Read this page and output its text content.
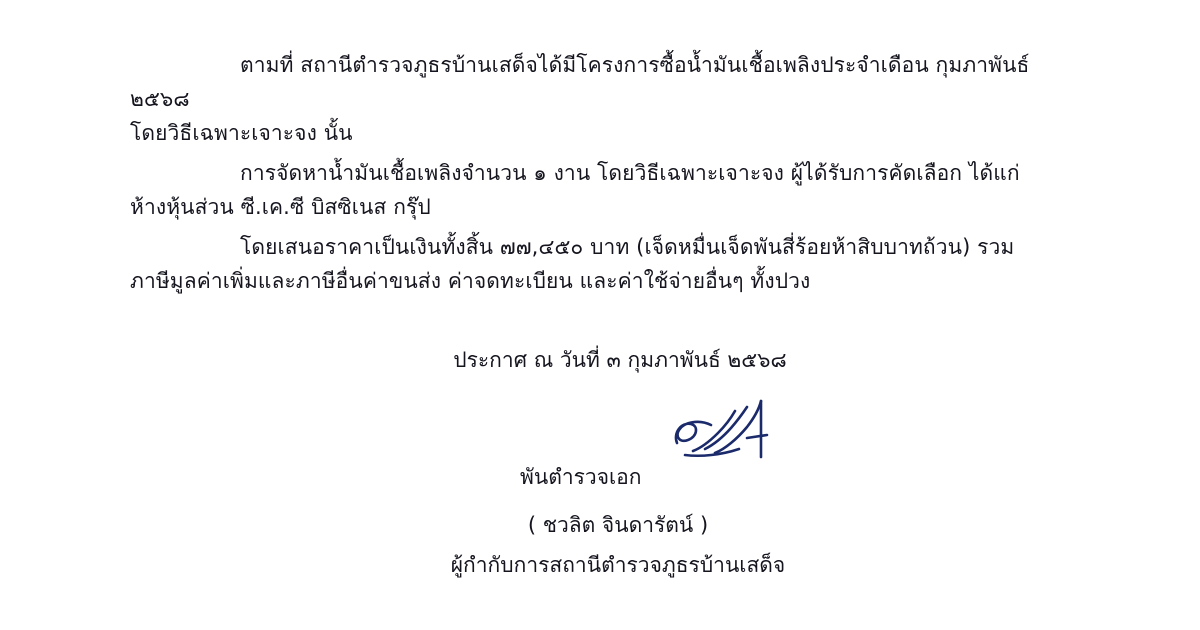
ตามที่ สถานีตำรวจภูธรบ้านเสด็จได้มีโครงการซื้อน้ำมันเชื้อเพลิงประจำเดือน กุมภาพันธ์ ๒๕๖๘
โดยวิธีเฉพาะเจาะจง นั้น

การจัดหาน้ำมันเชื้อเพลิงจำนวน ๑ งาน โดยวิธีเฉพาะเจาะจง ผู้ได้รับการคัดเลือก ได้แก่
ห้างหุ้นส่วน ซี.เค.ซี บิสซิเนส กรุ๊ป

โดยเสนอราคาเป็นเงินทั้งสิ้น ๗๗,๔๕๐ บาท (เจ็ดหมื่นเจ็ดพันสี่ร้อยห้าสิบบาทถ้วน) รวม
ภาษีมูลค่าเพิ่มและภาษีอื่นค่าขนส่ง ค่าจดทะเบียน และค่าใช้จ่ายอื่นๆ ทั้งปวง

ประกาศ ณ วันที่ ๓ กุมภาพันธ์ ๒๕๖๘
พันตำรวจเอก
( ชวลิต จินดารัตน์ )
ผู้กำกับการสถานีตำรวจภูธรบ้านเสด็จ
